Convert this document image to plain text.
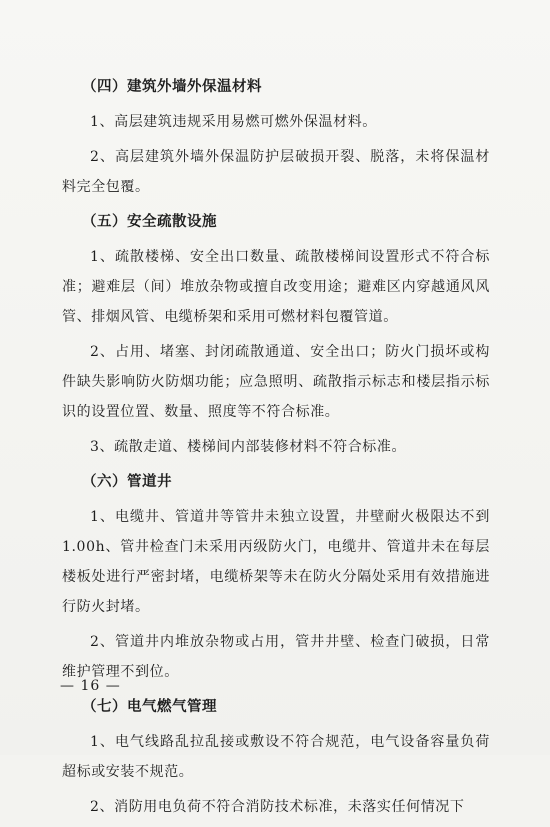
（四）建筑外墙外保温材料

1、高层建筑违规采用易燃可燃外保温材料。

2、高层建筑外墙外保温防护层破损开裂、脱落，未将保温材料完全包覆。

（五）安全疏散设施

1、疏散楼梯、安全出口数量、疏散楼梯间设置形式不符合标准；避难层（间）堆放杂物或擅自改变用途；避难区内穿越通风风管、排烟风管、电缆桥架和采用可燃材料包覆管道。

2、占用、堵塞、封闭疏散通道、安全出口；防火门损坏或构件缺失影响防火防烟功能；应急照明、疏散指示标志和楼层指示标识的设置位置、数量、照度等不符合标准。

3、疏散走道、楼梯间内部装修材料不符合标准。

（六）管道井

1、电缆井、管道井等管井未独立设置，井壁耐火极限达不到1.00h、管井检查门未采用丙级防火门，电缆井、管道井未在每层楼板处进行严密封堵，电缆桥架等未在防火分隔处采用有效措施进行防火封堵。

2、管道井内堆放杂物或占用，管井井壁、检查门破损，日常维护管理不到位。

（七）电气燃气管理

1、电气线路乱拉乱接或敷设不符合规范，电气设备容量负荷超标或安装不规范。

2、消防用电负荷不符合消防技术标准，未落实任何情况下

— 16 —
